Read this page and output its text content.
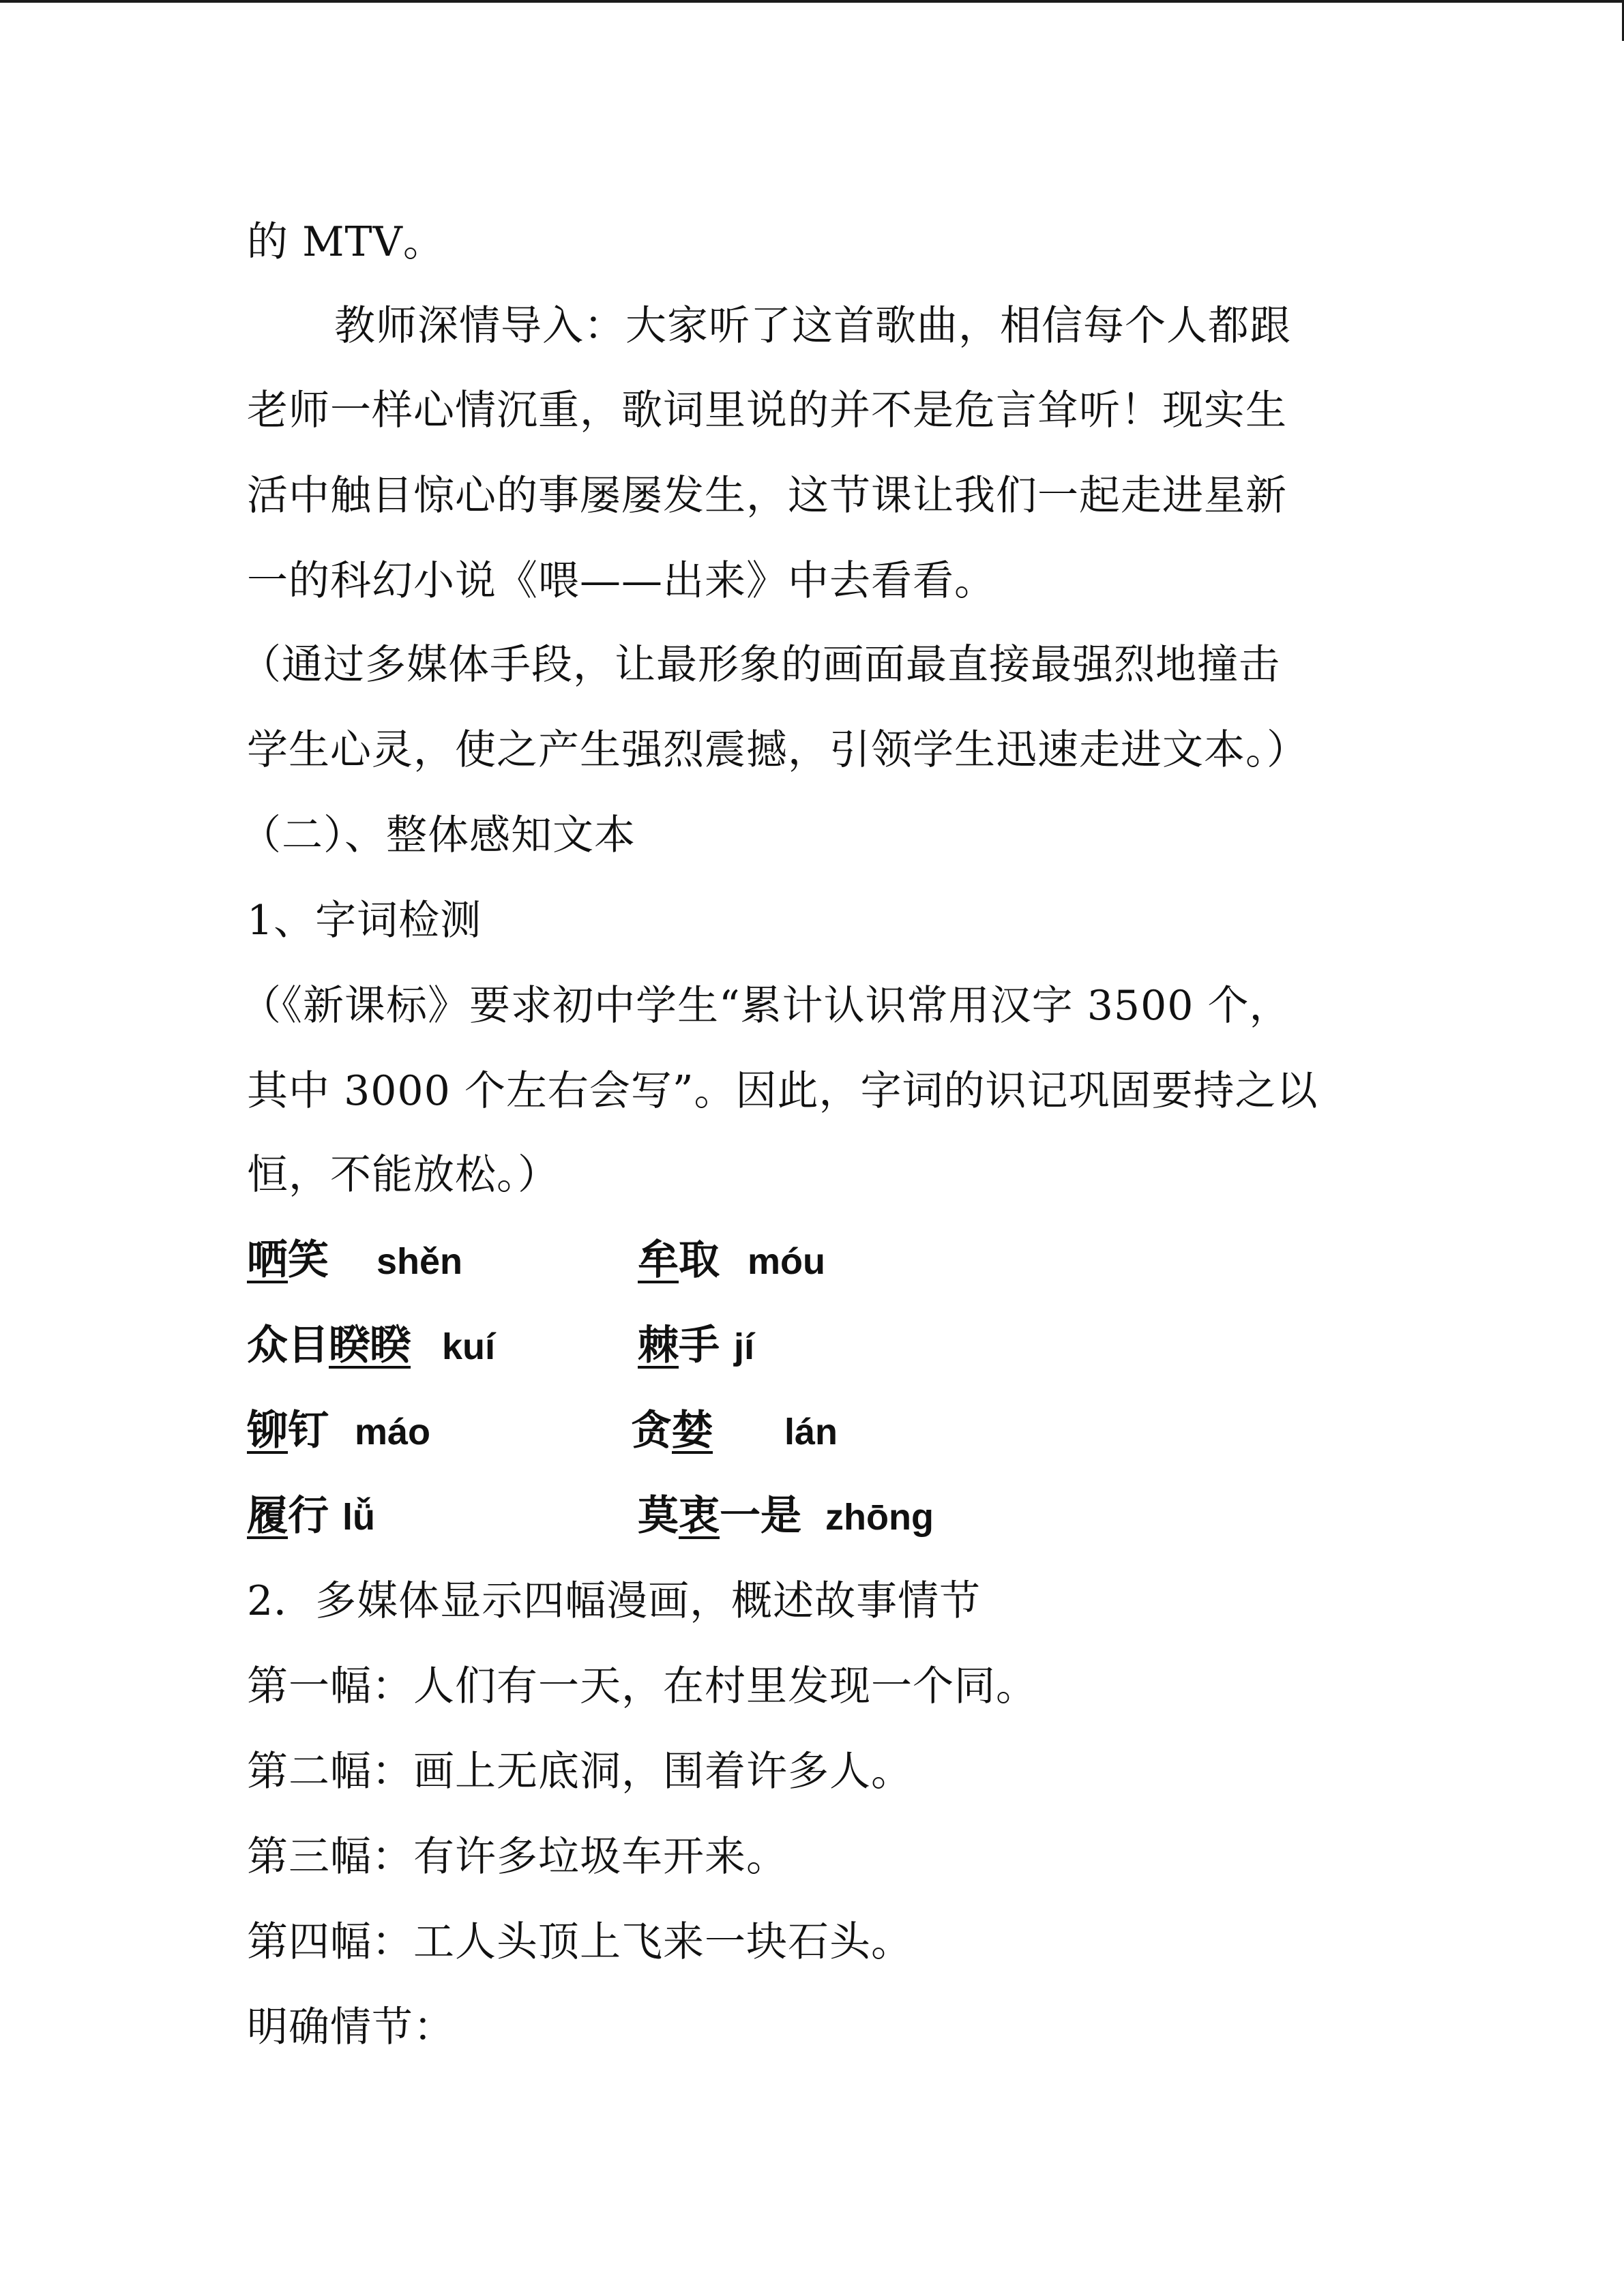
的 MTV。
教师深情导入：大家听了这首歌曲，相信每个人都跟
老师一样心情沉重，歌词里说的并不是危言耸听！现实生
活中触目惊心的事屡屡发生，这节课让我们一起走进星新
一的科幻小说《喂——出来》中去看看。
（通过多媒体手段，让最形象的画面最直接最强烈地撞击
学生心灵，使之产生强烈震撼，引领学生迅速走进文本。）
（二）、整体感知文本
1、字词检测
（《新课标》要求初中学生“累计认识常用汉字 3500 个，
其中 3000 个左右会写”。因此，字词的识记巩固要持之以
恒，不能放松。）
哂笑 shěn	牟取 móu
众目睽睽 kuí	棘手 jí
铆钉 máo	贪婪 lán
履行 lǚ	莫衷一是 zhōng
2．多媒体显示四幅漫画，概述故事情节
第一幅：人们有一天，在村里发现一个同。
第二幅：画上无底洞，围着许多人。
第三幅：有许多垃圾车开来。
第四幅：工人头顶上飞来一块石头。
明确情节：
